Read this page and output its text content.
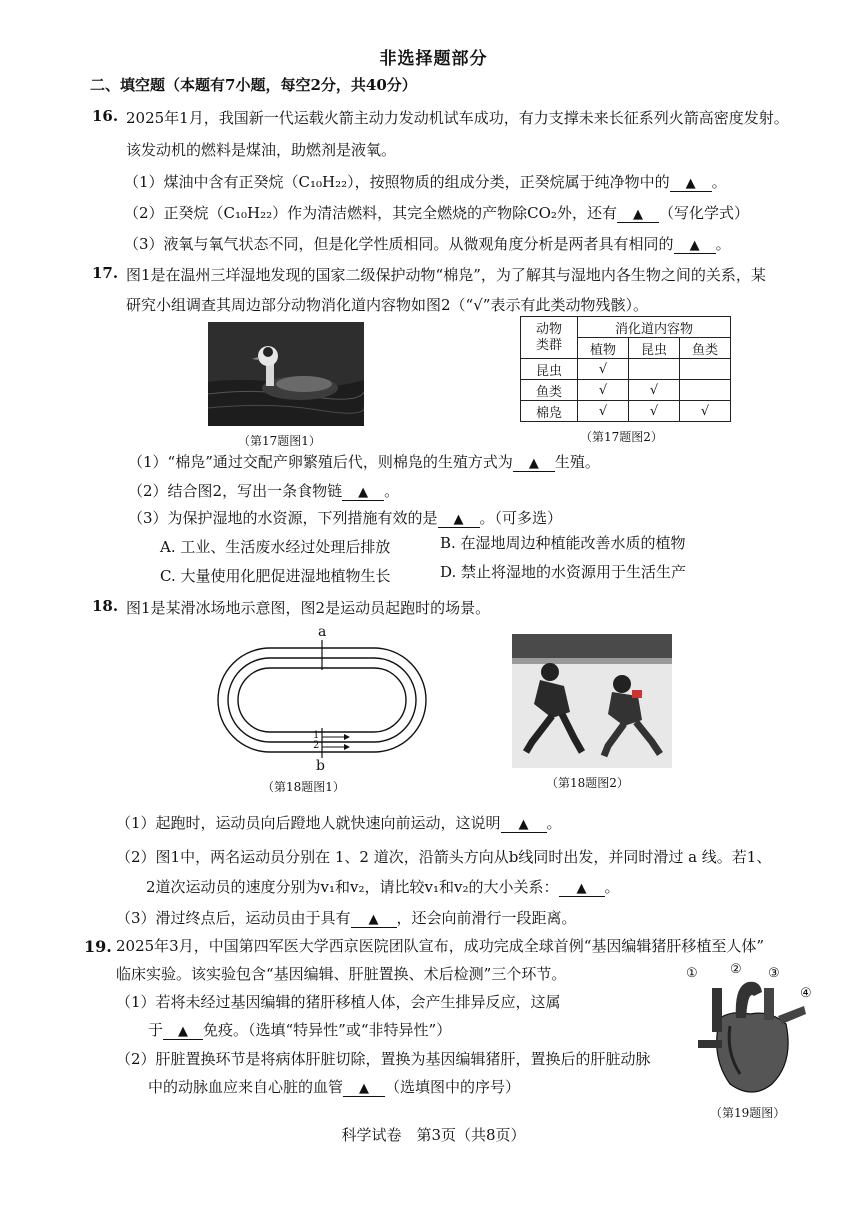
非选择题部分
二、填空题（本题有7小题，每空2分，共40分）
16. 2025年1月，我国新一代运载火箭主动力发动机试车成功，有力支撑未来长征系列火箭高密度发射。
该发动机的燃料是煤油，助燃剂是液氧。
（1）煤油中含有正癸烷（C₁₀H₂₂），按照物质的组成分类，正癸烷属于纯净物中的 ▲ 。
（2）正癸烷（C₁₀H₂₂）作为清洁燃料，其完全燃烧的产物除CO₂外，还有 ▲ （写化学式）
（3）液氧与氧气状态不同，但是化学性质相同。从微观角度分析是两者具有相同的 ▲ 。
17. 图1是在温州三垟湿地发现的国家二级保护动物“棉凫”，为了解其与湿地内各生物之间的关系，某
研究小组调查其周边部分动物消化道内容物如图2（“√”表示有此类动物残骸）。
（第17题图1）
动物
类群	消化道内容物		
	植物	昆虫	鱼类
昆虫	√		
鱼类	√	√	
棉凫	√	√	√
（第17题图2）
（1）“棉凫”通过交配产卵繁殖后代，则棉凫的生殖方式为 ▲ 生殖。
（2）结合图2，写出一条食物链 ▲ 。
（3）为保护湿地的水资源，下列措施有效的是 ▲ 。（可多选）
A. 工业、生活废水经过处理后排放	B. 在湿地周边种植能改善水质的植物
C. 大量使用化肥促进湿地植物生长	D. 禁止将湿地的水资源用于生活生产
18. 图1是某滑冰场地示意图，图2是运动员起跑时的场景。
a
b
1
2
（第18题图1）	（第18题图2）
（1）起跑时，运动员向后蹬地人就快速向前运动，这说明 ▲ 。
（2）图1中，两名运动员分别在 1、2 道次，沿箭头方向从b线同时出发，并同时滑过 a 线。若1、
2道次运动员的速度分别为v₁和v₂，请比较v₁和v₂的大小关系： ▲ 。
（3）滑过终点后，运动员由于具有 ▲ ，还会向前滑行一段距离。
19. 2025年3月，中国第四军医大学西京医院团队宣布，成功完成全球首例“基因编辑猪肝移植至人体”
临床实验。该实验包含“基因编辑、肝脏置换、术后检测”三个环节。
（1）若将未经过基因编辑的猪肝移植人体，会产生排异反应，这属
于 ▲ 免疫。（选填“特异性”或“非特异性”）
（2）肝脏置换环节是将病体肝脏切除，置换为基因编辑猪肝，置换后的肝脏动脉
中的动脉血应来自心脏的血管 ▲ （选填图中的序号）
① ② ③
④
（第19题图）
科学试卷　第3页（共8页）
